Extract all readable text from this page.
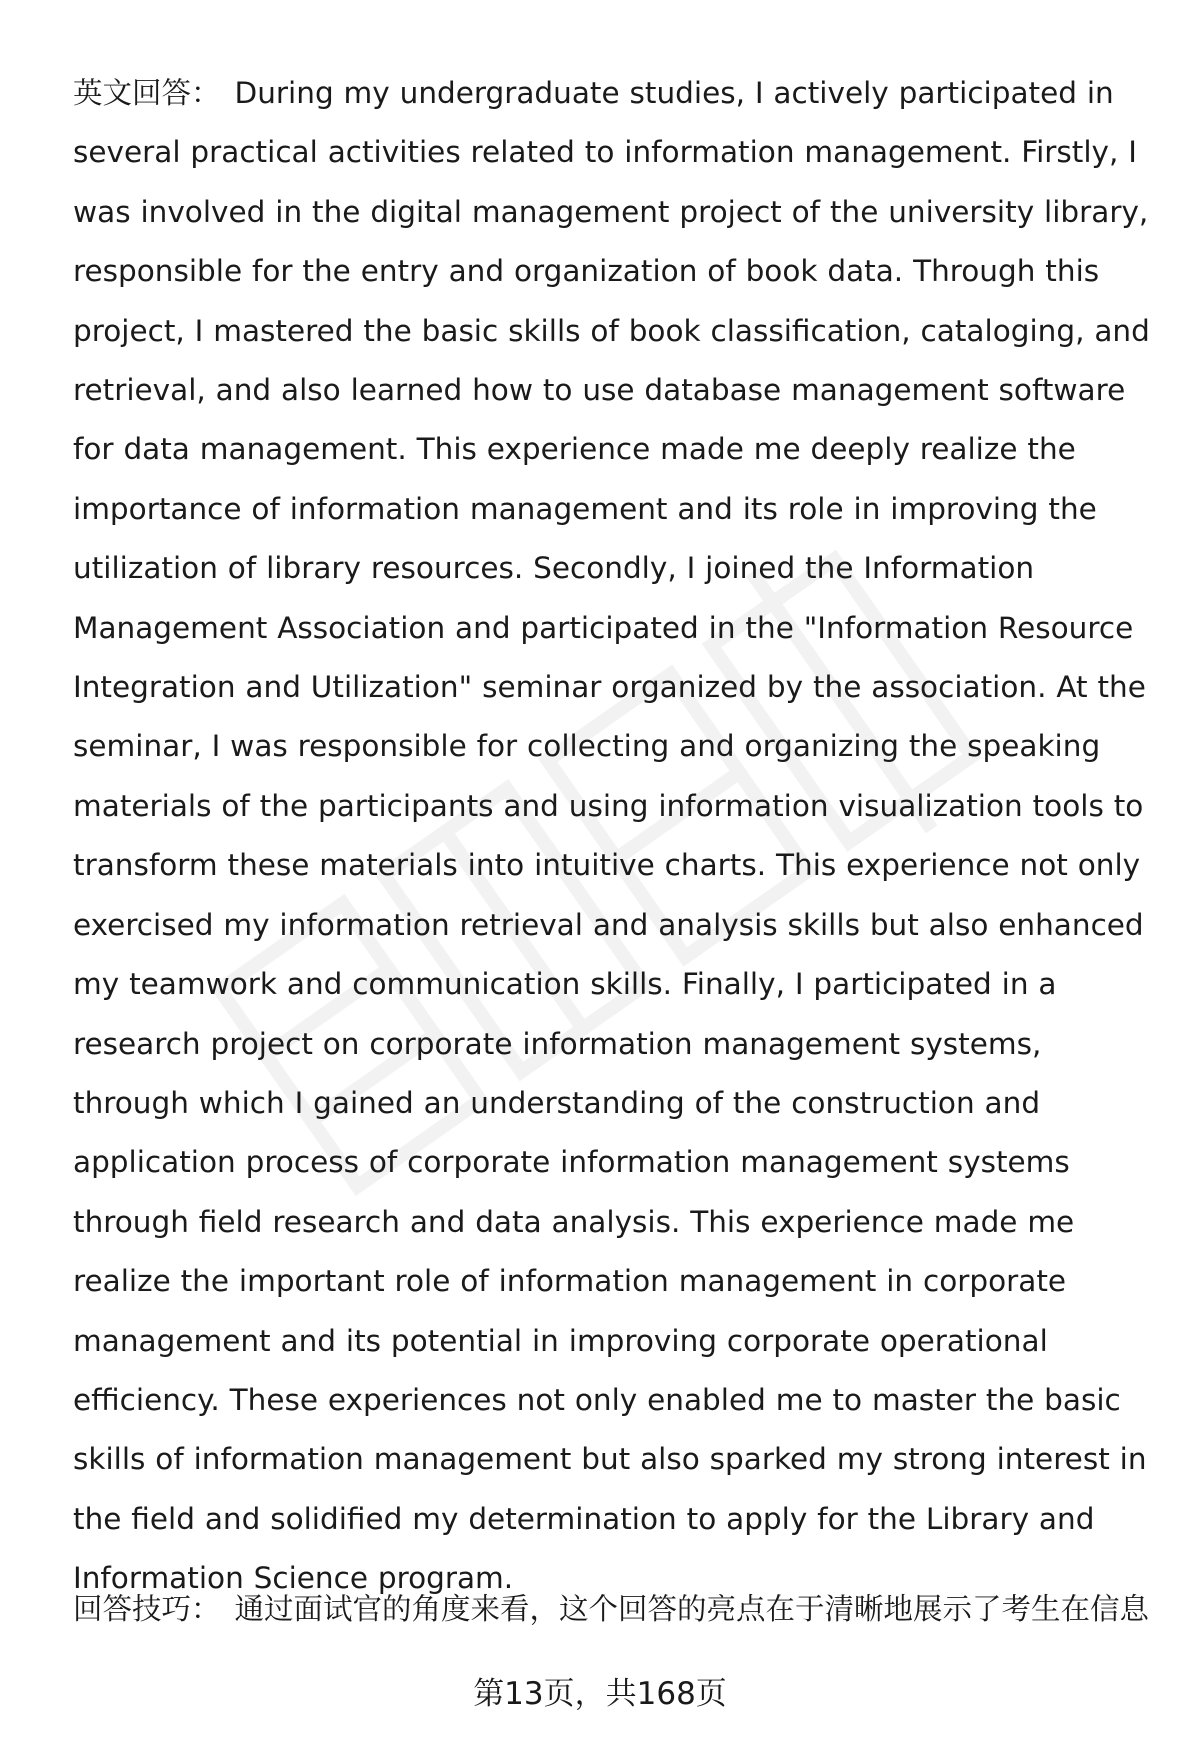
英文回答： During my undergraduate studies, I actively participated in several practical activities related to information management. Firstly, I was involved in the digital management project of the university library, responsible for the entry and organization of book data. Through this project, I mastered the basic skills of book classification, cataloging, and retrieval, and also learned how to use database management software for data management. This experience made me deeply realize the importance of information management and its role in improving the utilization of library resources. Secondly, I joined the Information Management Association and participated in the "Information Resource Integration and Utilization" seminar organized by the association. At the seminar, I was responsible for collecting and organizing the speaking materials of the participants and using information visualization tools to transform these materials into intuitive charts. This experience not only exercised my information retrieval and analysis skills but also enhanced my teamwork and communication skills. Finally, I participated in a research project on corporate information management systems, through which I gained an understanding of the construction and application process of corporate information management systems through field research and data analysis. This experience made me realize the important role of information management in corporate management and its potential in improving corporate operational efficiency. These experiences not only enabled me to master the basic skills of information management but also sparked my strong interest in the field and solidified my determination to apply for the Library and Information Science program.
回答技巧： 通过面试官的角度来看，这个回答的亮点在于清晰地展示了考生在信息
第13页，共168页
